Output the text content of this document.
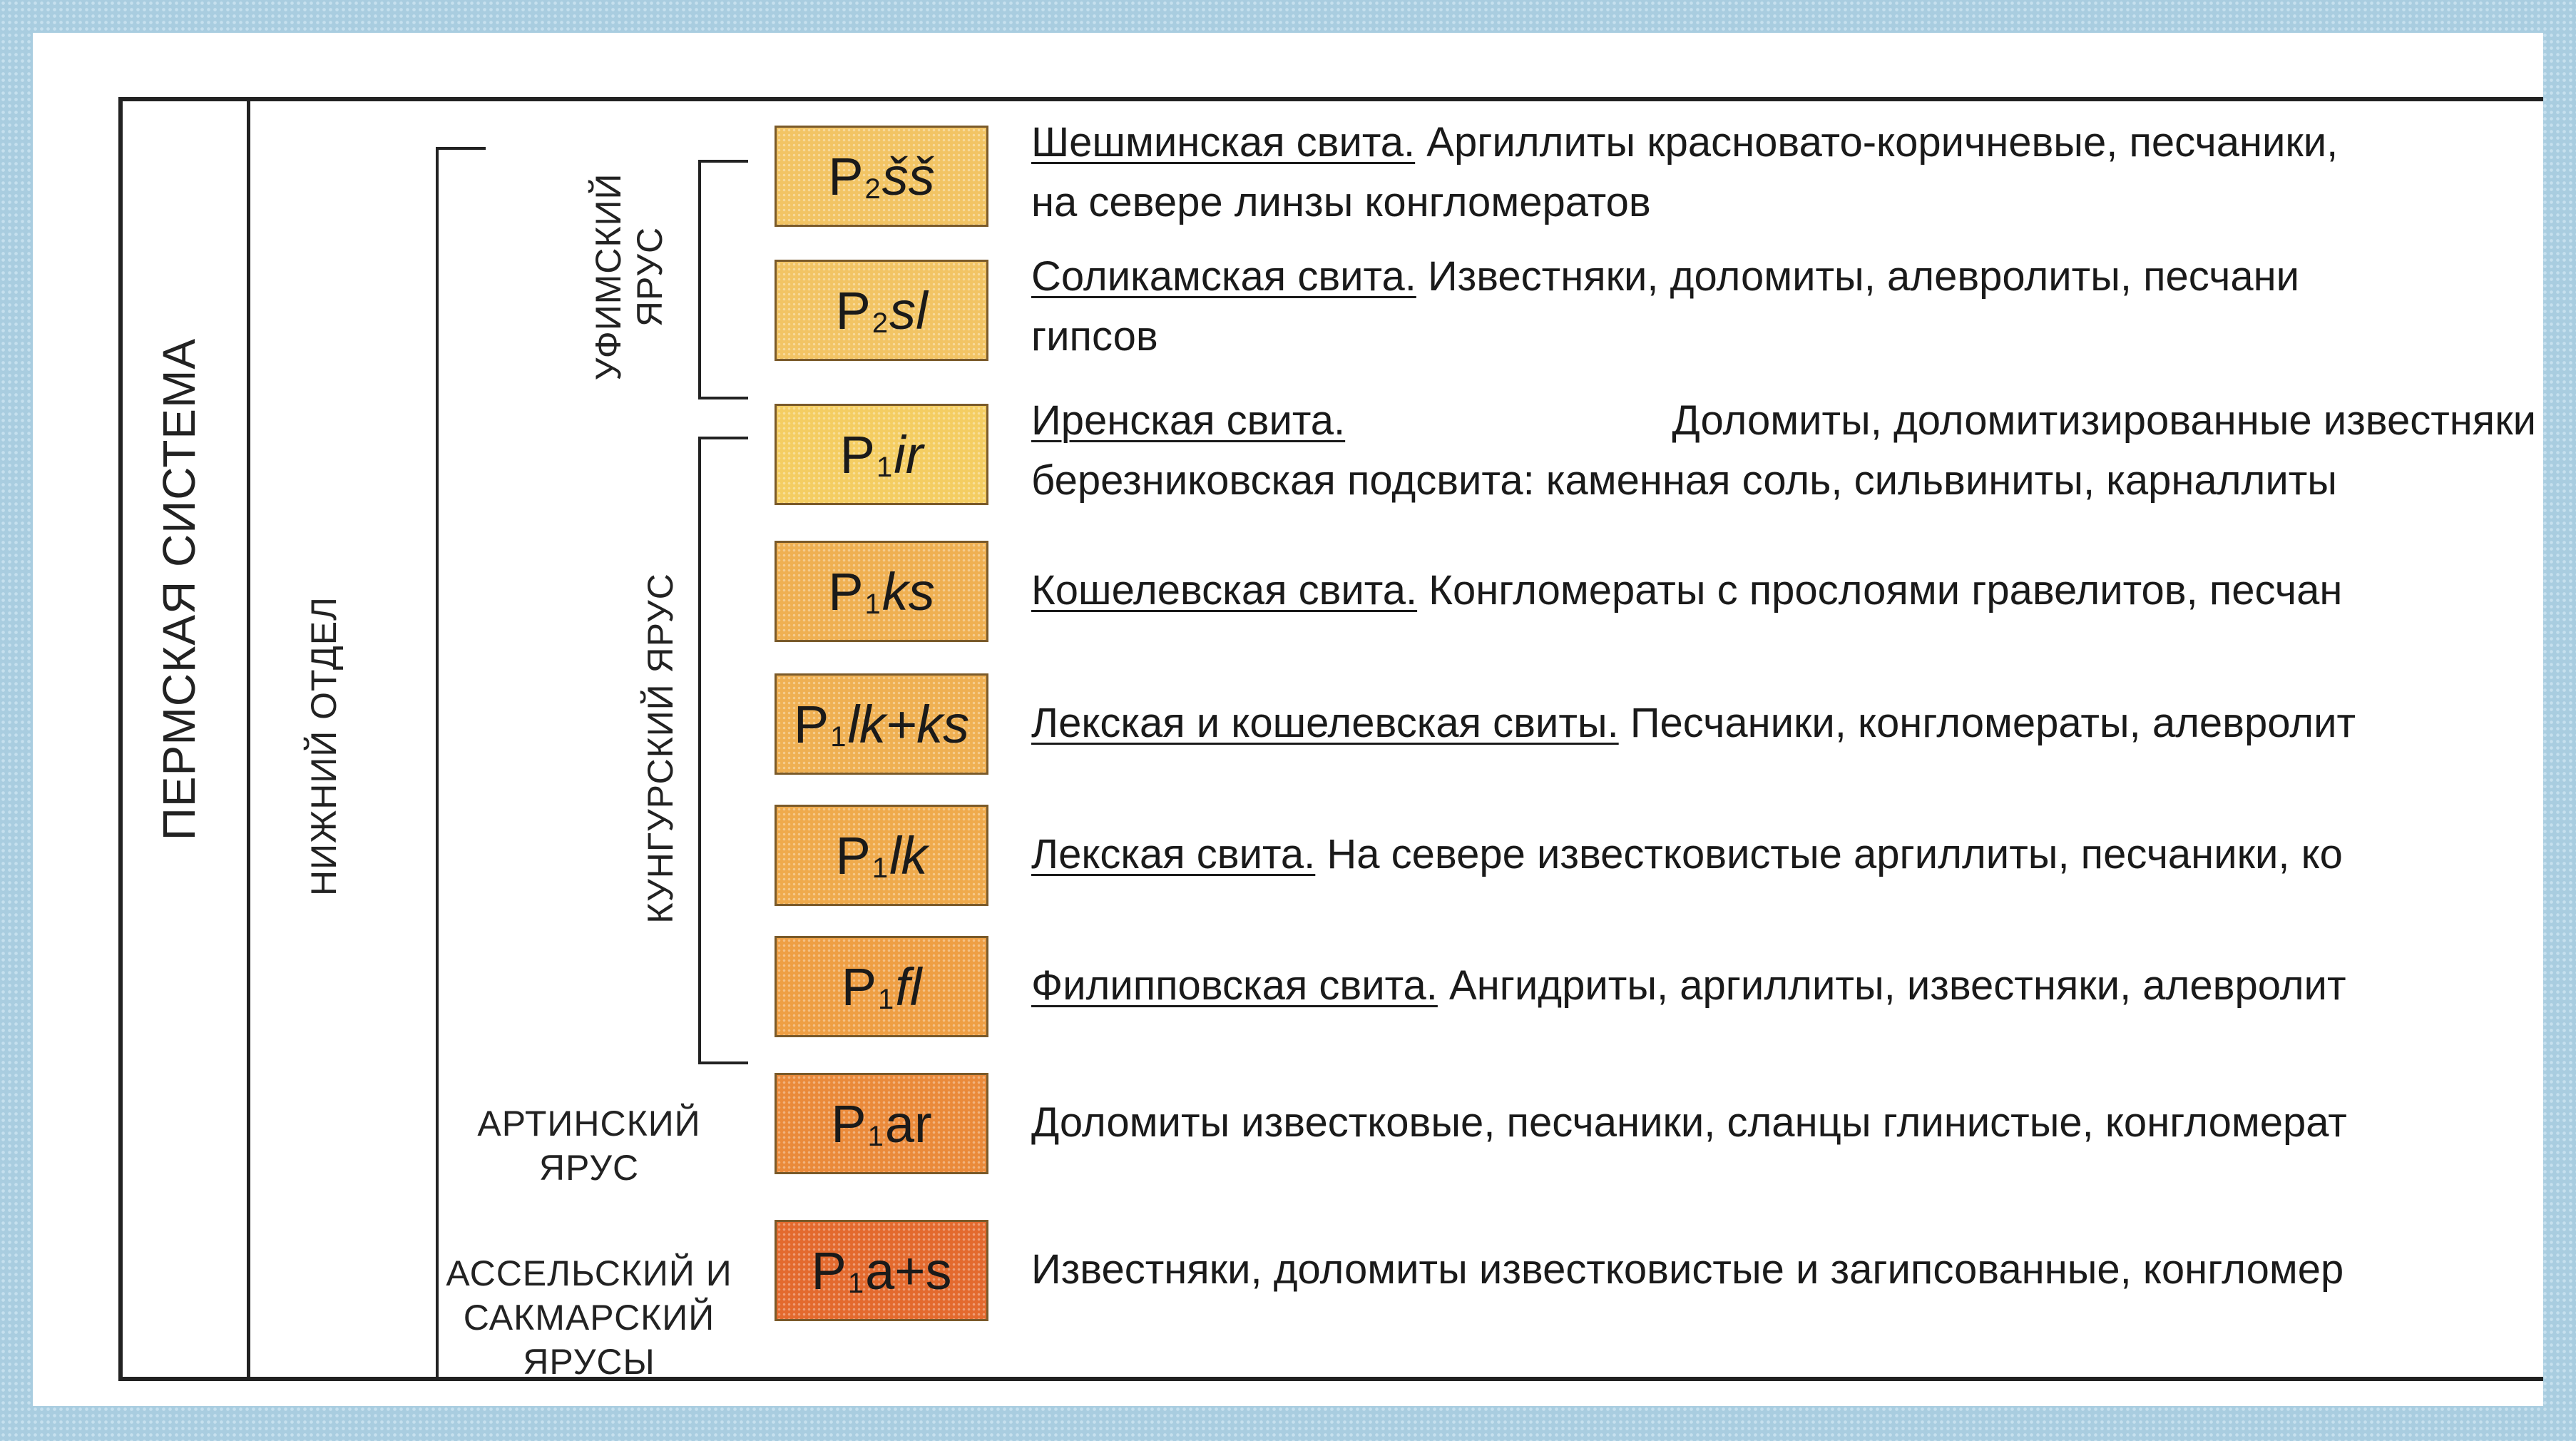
ПЕРМСКАЯ СИСТЕМА	НИЖНИЙ ОТДЕЛ
УФИМСКИЙ
ЯРУС
КУНГУРСКИЙ ЯРУС
АРТИНСКИЙ
ЯРУС
АССЕЛЬСКИЙ И
САКМАРСКИЙ
ЯРУСЫ
P 2 šš
Шешминская свита. Аргиллиты красновато-коричневые, песчаники,
на севере линзы конгломератов
P 2 sl
Соликамская свита. Известняки, доломиты, алевролиты, песчани
гипсов
P 1 ir
Иренская свита.	Доломиты, доломитизированные известняки
березниковская подсвита: каменная соль, сильвиниты, карналлиты
P 1 ks Кошелевская свита. Конгломераты с прослоями гравелитов, песчан
P 1 lk+ks Лекская и кошелевская свиты. Песчаники, конгломераты, алевролит
P 1 lk	Лекская свита. На севере известковистые аргиллиты, песчаники, ко
P 1 fl	Филипповская свита. Ангидриты, аргиллиты, известняки, алевролит
P 1 ar Доломиты известковые, песчаники, сланцы глинистые, конгломерат
P 1 a+s Известняки, доломиты известковистые и загипсованные, конгломер
